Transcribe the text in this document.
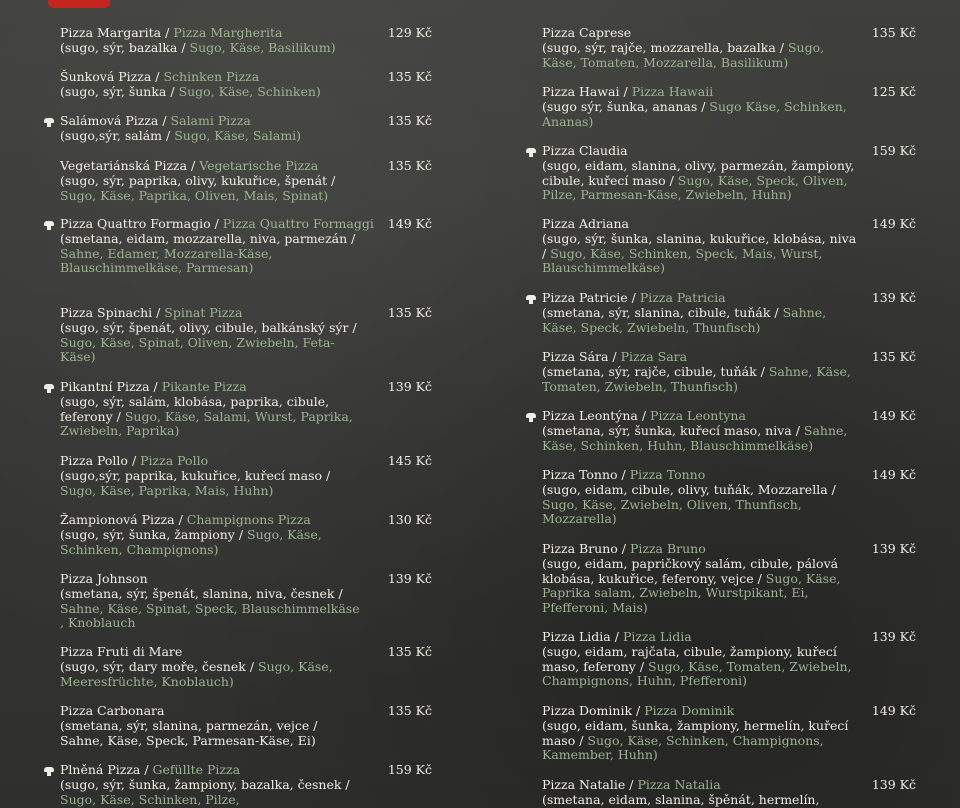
Pizza Margarita / Pizza Margherita
(sugo, sýr, bazalka / Sugo, Käse, Basilikum)
129 Kč
Šunková Pizza / Schinken Pizza
(sugo, sýr, šunka / Sugo, Käse, Schinken)
135 Kč
Salámová Pizza / Salami Pizza
(sugo,sýr, salám / Sugo, Käse, Salami)
135 Kč
Vegetariánská Pizza / Vegetarische Pizza
(sugo, sýr, paprika, olivy, kukuřice, špenát / Sugo, Käse, Paprika, Oliven, Mais, Spinat)
135 Kč
Pizza Quattro Formagio / Pizza Quattro Formaggi
(smetana, eidam, mozzarella, niva, parmezán / Sahne, Edamer, Mozzarella-Käse, Blauschimmelkäse, Parmesan)
149 Kč
Pizza Spinachi / Spinat Pizza
(sugo, sýr, špenát, olivy, cibule, balkánský sýr / Sugo, Käse, Spinat, Oliven, Zwiebeln, Feta-Käse)
135 Kč
Pikantní Pizza / Pikante Pizza
(sugo, sýr, salám, klobása, paprika, cibule, feferony / Sugo, Käse, Salami, Wurst, Paprika, Zwiebeln, Paprika)
139 Kč
Pizza Pollo / Pizza Pollo
(sugo,sýr, paprika, kukuřice, kuřecí maso / Sugo, Käse, Paprika, Mais, Huhn)
145 Kč
Žampionová Pizza / Champignons Pizza
(sugo, sýr, šunka, žampiony / Sugo, Käse, Schinken, Champignons)
130 Kč
Pizza Johnson
(smetana, sýr, špenát, slanina, niva, česnek / Sahne, Käse, Spinat, Speck, Blauschimmelkäse , Knoblauch
139 Kč
Pizza Fruti di Mare
(sugo, sýr, dary moře, česnek / Sugo, Käse, Meeresfrüchte, Knoblauch)
135 Kč
Pizza Carbonara
(smetana, sýr, slanina, parmezán, vejce / Sahne, Käse, Speck, Parmesan-Käse, Ei)
135 Kč
Plněná Pizza / Gefüllte Pizza
(sugo, sýr, šunka, žampiony, bazalka, česnek / Sugo, Käse, Schinken, Pilze,
159 Kč
Pizza Caprese
(sugo, sýr, rajče, mozzarella, bazalka / Sugo, Käse, Tomaten, Mozzarella, Basilikum)
135 Kč
Pizza Hawai / Pizza Hawaii
(sugo sýr, šunka, ananas / Sugo Käse, Schinken, Ananas)
125 Kč
Pizza Claudia
(sugo, eidam, slanina, olivy, parmezán, žampiony, cibule, kuřecí maso / Sugo, Käse, Speck, Oliven, Pilze, Parmesan-Käse, Zwiebeln, Huhn)
159 Kč
Pizza Adriana
(sugo, sýr, šunka, slanina, kukuřice, klobása, niva / Sugo, Käse, Schinken, Speck, Mais, Wurst, Blauschimmelkäse)
149 Kč
Pizza Patricie / Pizza Patricia
(smetana, sýr, slanina, cibule, tuňák / Sahne, Käse, Speck, Zwiebeln, Thunfisch)
139 Kč
Pizza Sára / Pizza Sara
(smetana, sýr, rajče, cibule, tuňák / Sahne, Käse, Tomaten, Zwiebeln, Thunfisch)
135 Kč
Pizza Leontýna / Pizza Leontyna
(smetana, sýr, šunka, kuřecí maso, niva / Sahne, Käse, Schinken, Huhn, Blauschimmelkäse)
149 Kč
Pizza Tonno / Pizza Tonno
(sugo, eidam, cibule, olivy, tuňák, Mozzarella / Sugo, Käse, Zwiebeln, Oliven, Thunfisch, Mozzarella)
149 Kč
Pizza Bruno / Pizza Bruno
(sugo, eidam, papričkový salám, cibule, pálová klobása, kukuřice, feferony, vejce / Sugo, Käse, Paprika salam, Zwiebeln, Wurstpikant, Ei, Pfefferoni, Mais)
139 Kč
Pizza Lidia / Pizza Lidia
(sugo, eidam, rajčata, cibule, žampiony, kuřecí maso, feferony / Sugo, Käse, Tomaten, Zwiebeln, Champignons, Huhn, Pfefferoni)
139 Kč
Pizza Dominik / Pizza Dominik
(sugo, eidam, šunka, žampiony, hermelín, kuřecí maso / Sugo, Käse, Schinken, Champignons, Kamember, Huhn)
149 Kč
Pizza Natalie / Pizza Natalia
(smetana, eidam, slanina, špěnát, hermelín,
139 Kč
